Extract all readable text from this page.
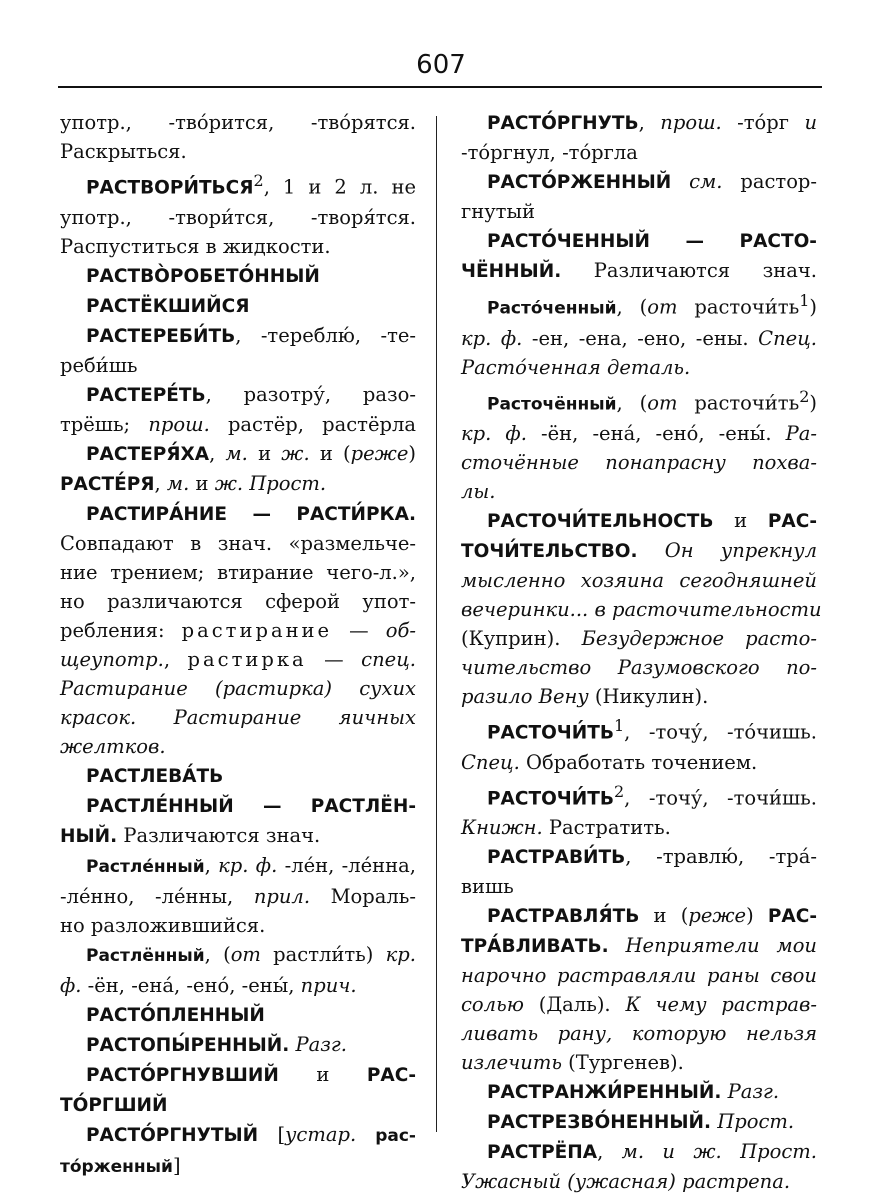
607
употр., -тво́рится, -тво́рятся.
Раскрыться.
РАСТВОРИ́ТЬСЯ$^2$, 1 и 2 л. не
употр., -твори́тся, -творя́тся.
Распуститься в жидкости.
РАСТВО̀РОБЕТО́ННЫЙ
РАСТЁКШИЙСЯ
РАСТЕРЕБИ́ТЬ, -тереблю́, -те-
реби́шь
РАСТЕРЕ́ТЬ, разотру́, разо-
трёшь; прош. растёр, растёрла
РАСТЕРЯ́ХА, м. и ж. и (реже)
РАСТЕ́РЯ, м. и ж. Прост.
РАСТИРА́НИЕ — РАСТИ́РКА.
Совпадают в знач. «размельче-
ние трением; втирание чего-л.»,
но различаются сферой упот-
ребления: растирание — об-
щеупотр., растирка — спец.
Растирание (растирка) сухих
красок. Растирание яичных
желтков.
РАСТЛЕВА́ТЬ
РАСТЛЕ́ННЫЙ — РАСТЛЁН-
НЫЙ. Различаются знач.
Растле́нный, кр. ф. -ле́н, -ле́нна,
-ле́нно, -ле́нны, прил. Мораль-
но разложившийся.
Растлённый, (от растли́ть) кр.
ф. -ён, -ена́, -ено́, -ены́, прич.
РАСТО́ПЛЕННЫЙ
РАСТОПЫ́РЕННЫЙ. Разг.
РАСТО́РГНУВШИЙ и РАС-
ТО́РГШИЙ
РАСТО́РГНУТЫЙ [устар. рас-
то́рженный]
РАСТО́РГНУТЬ, прош. -то́рг и
-то́ргнул, -то́ргла
РАСТО́РЖЕННЫЙ см. растор-
гнутый
РАСТО́ЧЕННЫЙ — РАСТО-
ЧЁННЫЙ. Различаются знач.
Расто́ченный, (от $расточи́ть^1$)
кр. ф. -ен, -ена, -ено, -ены. Спец.
Расто́ченная деталь.
Расточённый, (от $расточи́ть^2$)
кр. ф. -ён, -ена́, -ено́, -ены́. Ра-
сточённые понапрасну похва-
лы.
РАСТОЧИ́ТЕЛЬНОСТЬ и РАС-
ТОЧИ́ТЕЛЬСТВО. Он упрекнул
мысленно хозяина сегодняшней
вечеринки... в расточительности
(Куприн). Безудержное расто-
чительство Разумовского по-
разило Вену (Никулин).
$РАСТОЧИ́ТЬ^1$, -точу́, -то́чишь.
Спец. Обработать точением.
$РАСТОЧИ́ТЬ^2$, -точу́, -точи́шь.
Книжн. Растратить.
РАСТРАВИ́ТЬ, -травлю́, -тра́-
вишь
РАСТРАВЛЯ́ТЬ и (реже) РАС-
ТРА́ВЛИВАТЬ. Неприятели мои
нарочно растравляли раны свои
солью (Даль). К чему растрав-
ливать рану, которую нельзя
излечить (Тургенев).
РАСТРАНЖИ́РЕННЫЙ. Разг.
РАСТРЕЗВО́НЕННЫЙ. Прост.
РАСТРЁПА, м. и ж. Прост.
Ужасный (ужасная) растрепа.
